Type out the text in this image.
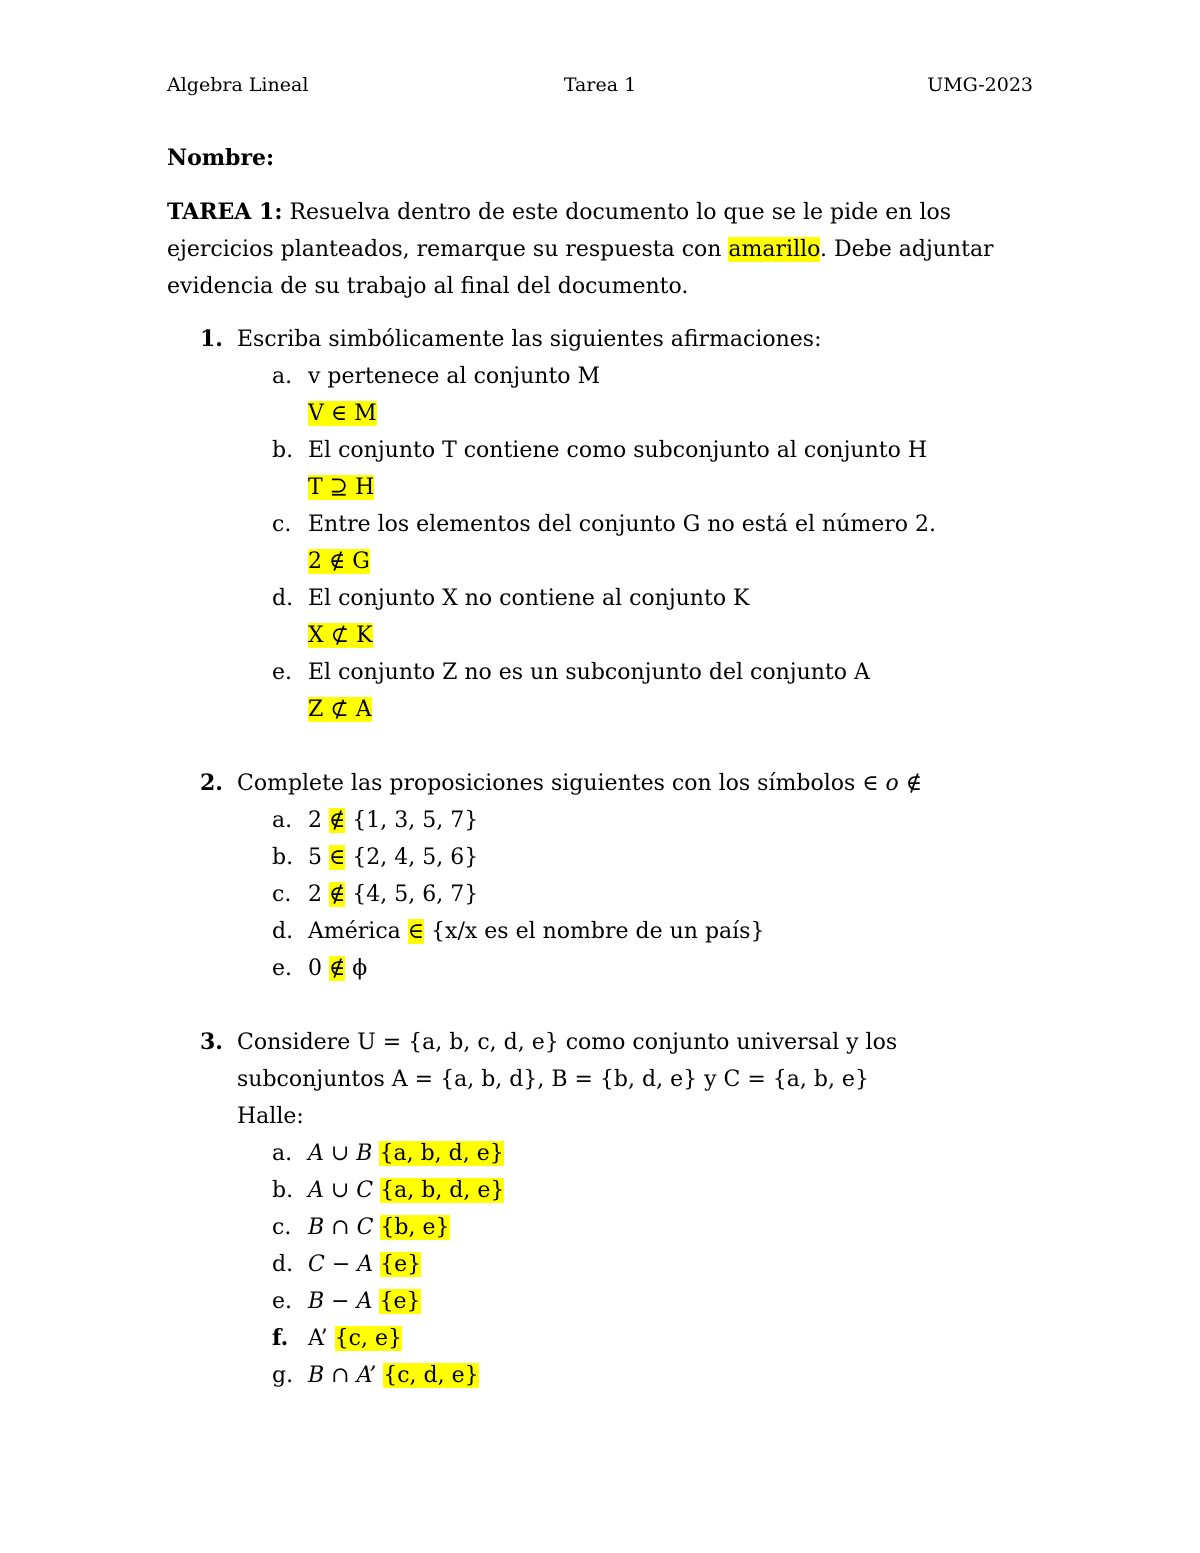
Algebra Lineal	Tarea 1	UMG-2023

Nombre:

TAREA 1: Resuelva dentro de este documento lo que se le pide en los ejercicios planteados, remarque su respuesta con amarillo. Debe adjuntar evidencia de su trabajo al final del documento.

1. Escriba simbólicamente las siguientes afirmaciones:
a. v pertenece al conjunto M
V ∈ M
b. El conjunto T contiene como subconjunto al conjunto H
T ⊇ H
c. Entre los elementos del conjunto G no está el número 2.
2 ∉ G
d. El conjunto X no contiene al conjunto K
X ⊄ K
e. El conjunto Z no es un subconjunto del conjunto A
Z ⊄ A
2. Complete las proposiciones siguientes con los símbolos ∈ o ∉
a. 2 ∉ {1, 3, 5, 7}
b. 5 ∈ {2, 4, 5, 6}
c. 2 ∉ {4, 5, 6, 7}
d. América ∈ {x/x es el nombre de un país}
e. 0 ∉ ϕ
3. Considere U = {a, b, c, d, e} como conjunto universal y los
subconjuntos A = {a, b, d}, B = {b, d, e} y C = {a, b, e}
Halle:
a. A ∪ B {a, b, d, e}
b. A ∪ C {a, b, d, e}
c. B ∩ C {b, e}
d. C − A {e}
e. B − A {e}
f. A’ {c, e}
g. B ∩ A’ {c, d, e}
